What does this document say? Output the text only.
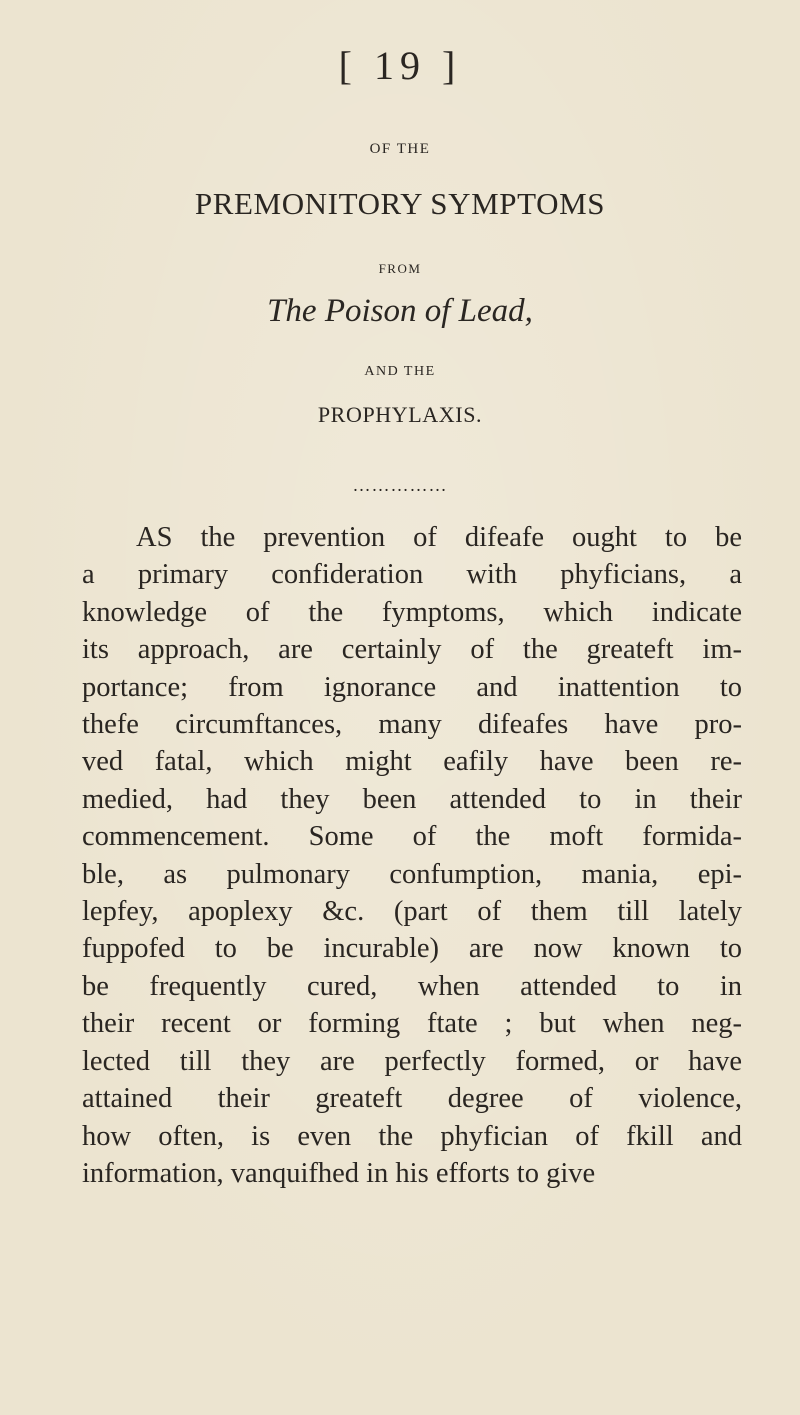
[ 19 ]
OF THE
PREMONITORY SYMPTOMS
FROM
The Poison of Lead,
AND THE
PROPHYLAXIS.
……………
AS the prevention of difeafe ought to be
a primary confideration with phyficians, a
knowledge of the fymptoms, which indicate
its approach, are certainly of the greateft im-
portance; from ignorance and inattention to
thefe circumftances, many difeafes have pro-
ved fatal, which might eafily have been re-
medied, had they been attended to in their
commencement. Some of the moft formida-
ble, as pulmonary confumption, mania, epi-
lepfey, apoplexy &c. (part of them till lately
fuppofed to be incurable) are now known to
be frequently cured, when attended to in
their recent or forming ftate ; but when neg-
lected till they are perfectly formed, or have
attained their greateft degree of violence,
how often, is even the phyfician of fkill and
information, vanquifhed in his efforts to give
